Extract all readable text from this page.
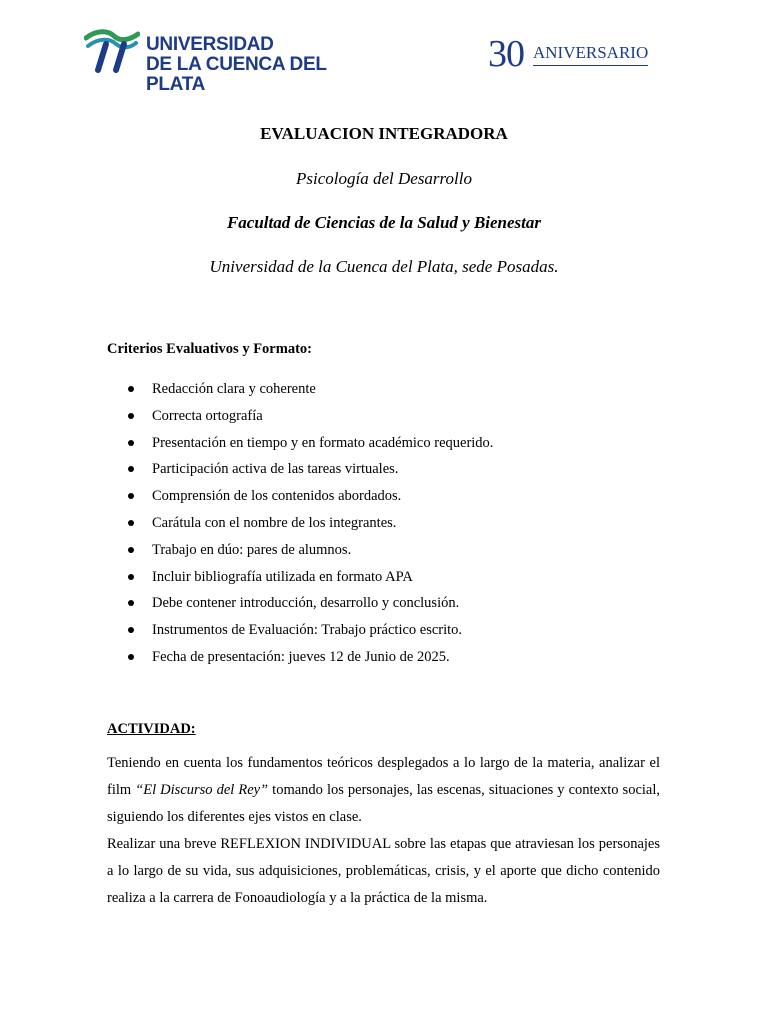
UNIVERSIDAD
DE LA CUENCA DEL PLATA
30 ANIVERSARIO
EVALUACION INTEGRADORA
Psicología del Desarrollo
Facultad de Ciencias de la Salud y Bienestar
Universidad de la Cuenca del Plata, sede Posadas.
Criterios Evaluativos y Formato:
Redacción clara y coherente
Correcta ortografía
Presentación en tiempo y en formato académico requerido.
Participación activa de las tareas virtuales.
Comprensión de los contenidos abordados.
Carátula con el nombre de los integrantes.
Trabajo en dúo: pares de alumnos.
Incluir bibliografía utilizada en formato APA
Debe contener introducción, desarrollo y conclusión.
Instrumentos de Evaluación: Trabajo práctico escrito.
Fecha de presentación: jueves 12 de Junio de 2025.
ACTIVIDAD:
Teniendo en cuenta los fundamentos teóricos desplegados a lo largo de la materia, analizar el film “El Discurso del Rey” tomando los personajes, las escenas, situaciones y contexto social, siguiendo los diferentes ejes vistos en clase.
Realizar una breve REFLEXION INDIVIDUAL sobre las etapas que atraviesan los personajes a lo largo de su vida, sus adquisiciones, problemáticas, crisis, y el aporte que dicho contenido realiza a la carrera de Fonoaudiología y a la práctica de la misma.
